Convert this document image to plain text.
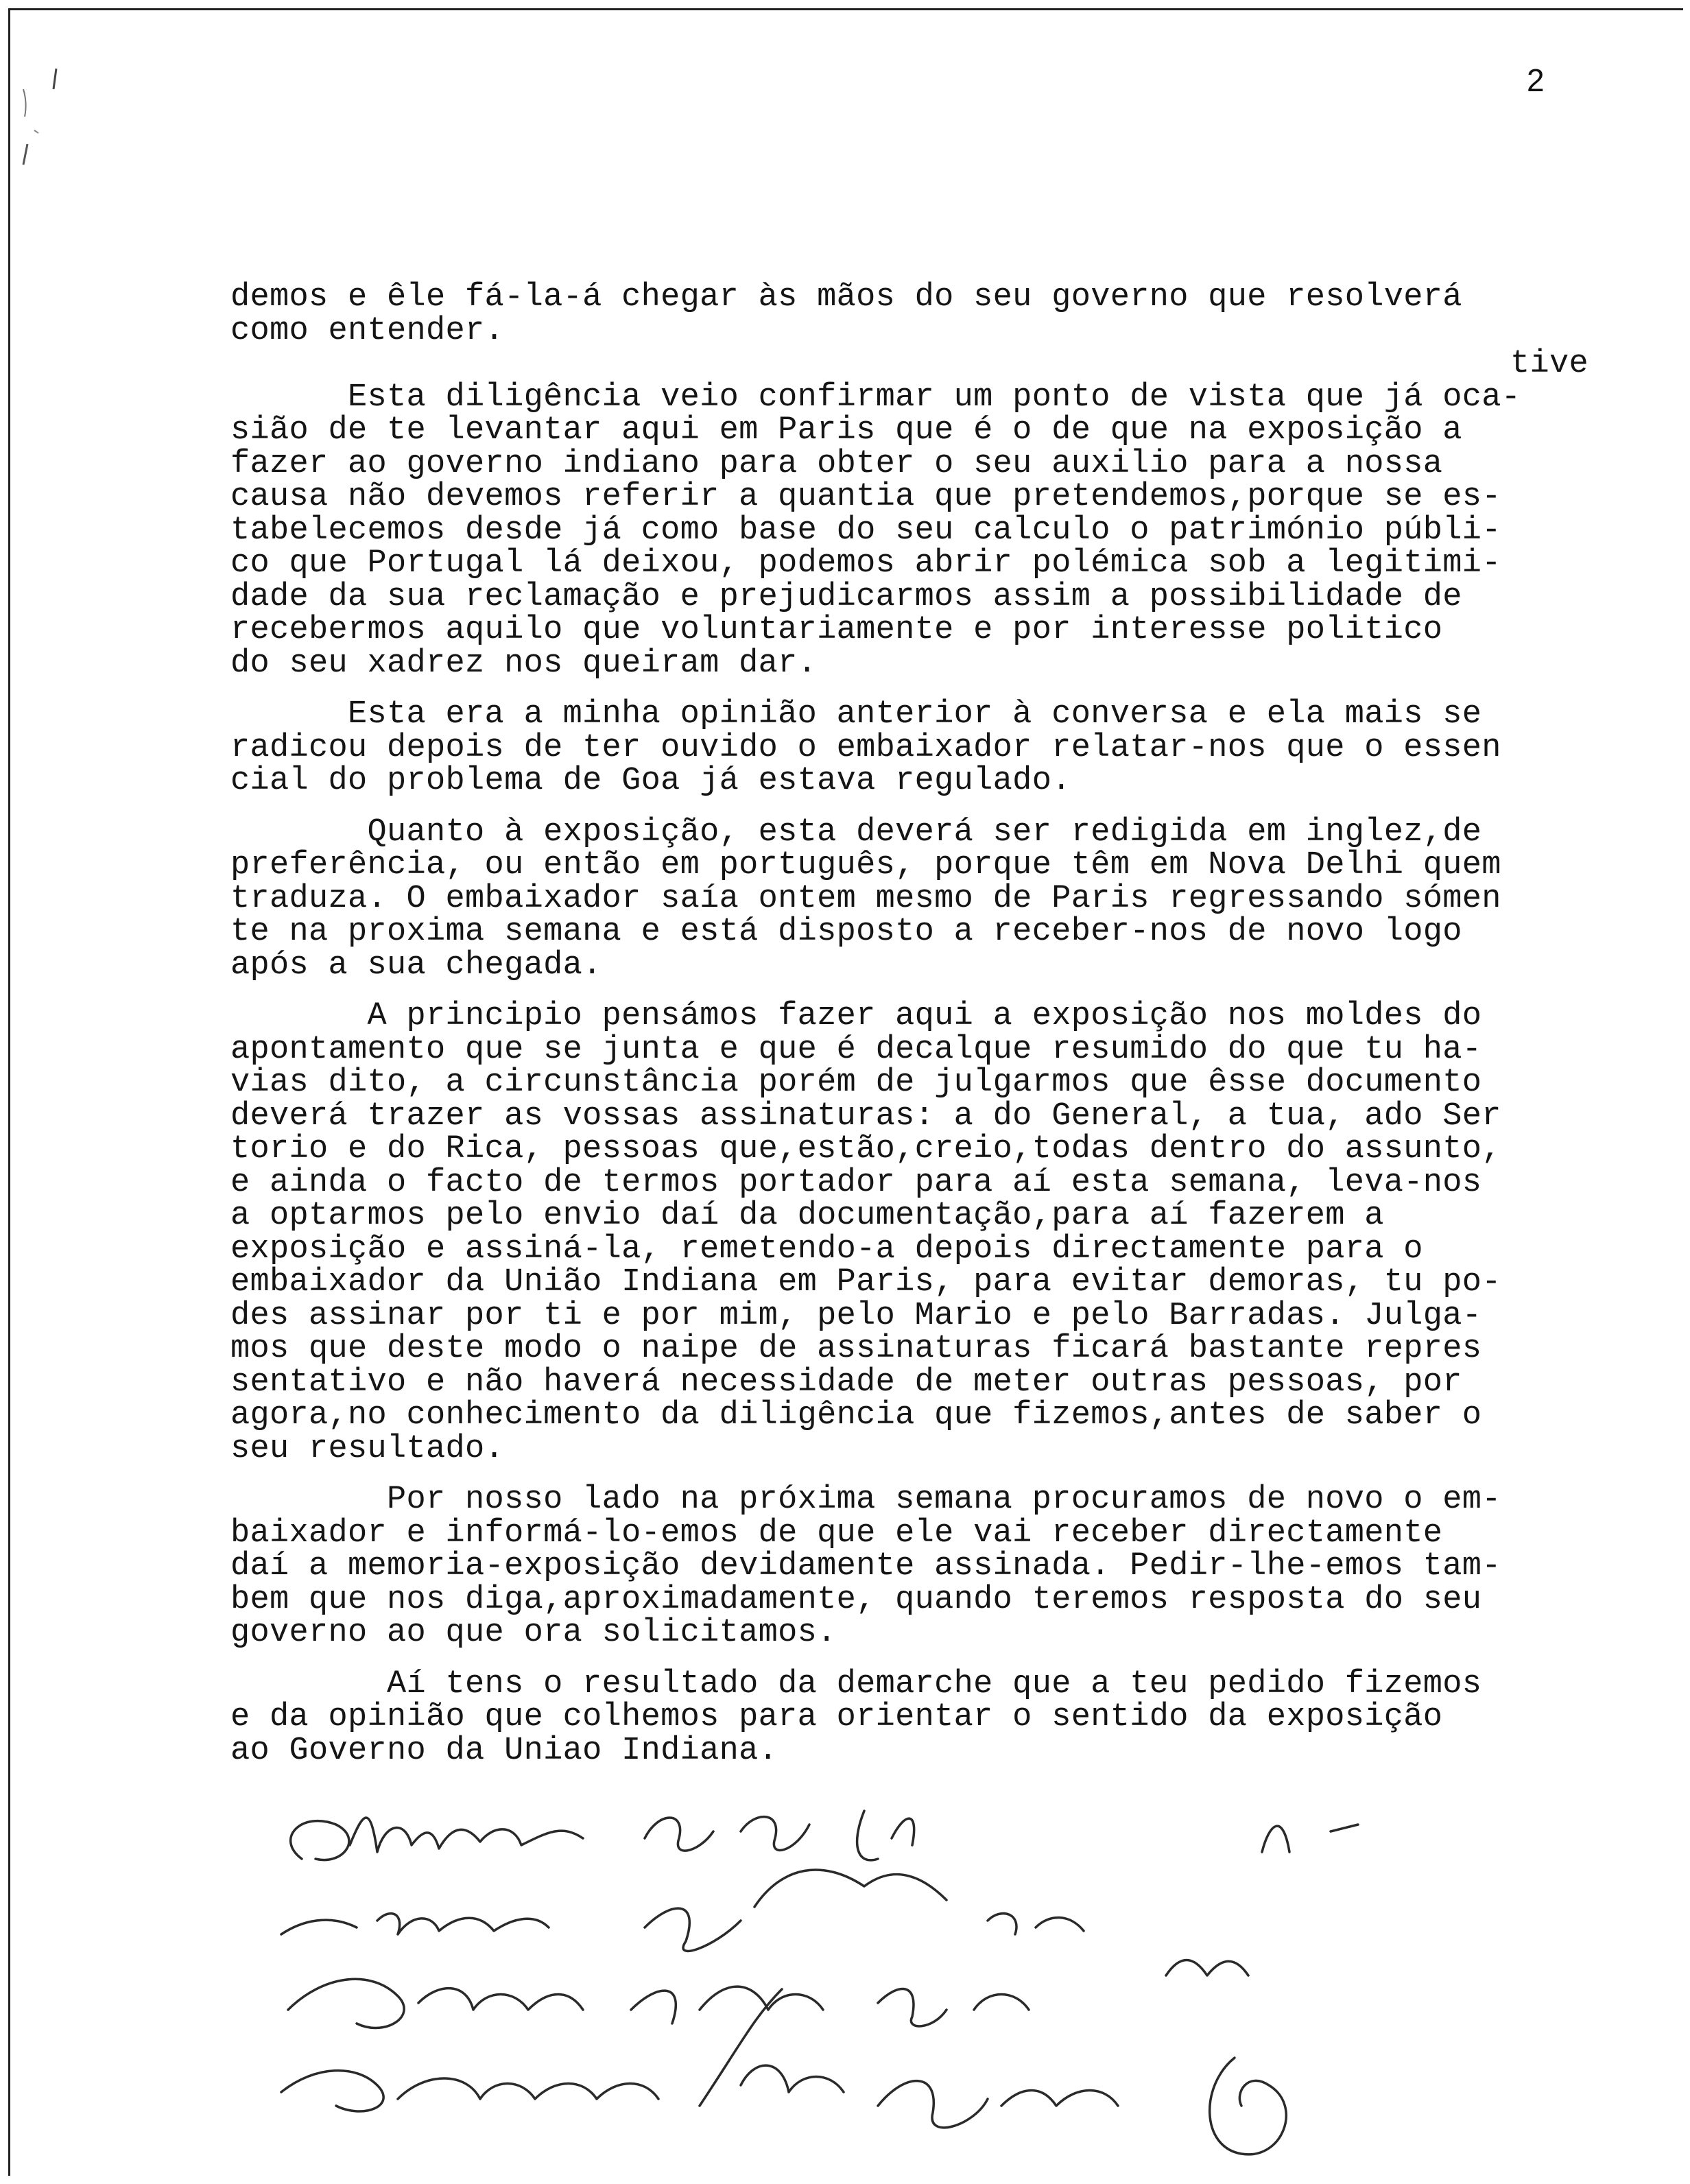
2
demos e êle fá-la-á chegar às mãos do seu governo que resolverá
como entender.
tive
Esta diligência veio confirmar um ponto de vista que já oca-
sião de te levantar aqui em Paris que é o de que na exposição a
fazer ao governo indiano para obter o seu auxilio para a nossa
causa não devemos referir a quantia que pretendemos,porque se es-
tabelecemos desde já como base do seu calculo o património públi-
co que Portugal lá deixou, podemos abrir polémica sob a legitimi-
dade da sua reclamação e prejudicarmos assim a possibilidade de
recebermos aquilo que voluntariamente e por interesse politico
do seu xadrez nos queiram dar.
Esta era a minha opinião anterior à conversa e ela mais se
radicou depois de ter ouvido o embaixador relatar-nos que o essen
cial do problema de Goa já estava regulado.
Quanto à exposição, esta deverá ser redigida em inglez,de
preferência, ou então em português, porque têm em Nova Delhi quem
traduza. O embaixador saía ontem mesmo de Paris regressando sómen
te na proxima semana e está disposto a receber-nos de novo logo
após a sua chegada.
A principio pensámos fazer aqui a exposição nos moldes do
apontamento que se junta e que é decalque resumido do que tu ha-
vias dito, a circunstância porém de julgarmos que êsse documento
deverá trazer as vossas assinaturas: a do General, a tua, ado Ser
torio e do Rica, pessoas que,estão,creio,todas dentro do assunto,
e ainda o facto de termos portador para aí esta semana, leva-nos
a optarmos pelo envio daí da documentação,para aí fazerem a
exposição e assiná-la, remetendo-a depois directamente para o
embaixador da União Indiana em Paris, para evitar demoras, tu po-
des assinar por ti e por mim, pelo Mario e pelo Barradas. Julga-
mos que deste modo o naipe de assinaturas ficará bastante repres
sentativo e não haverá necessidade de meter outras pessoas, por
agora,no conhecimento da diligência que fizemos,antes de saber o
seu resultado.
Por nosso lado na próxima semana procuramos de novo o em-
baixador e informá-lo-emos de que ele vai receber directamente
daí a memoria-exposição devidamente assinada. Pedir-lhe-emos tam-
bem que nos diga,aproximadamente, quando teremos resposta do seu
governo ao que ora solicitamos.
Aí tens o resultado da demarche que a teu pedido fizemos
e da opinião que colhemos para orientar o sentido da exposição
ao Governo da Uniao Indiana.
